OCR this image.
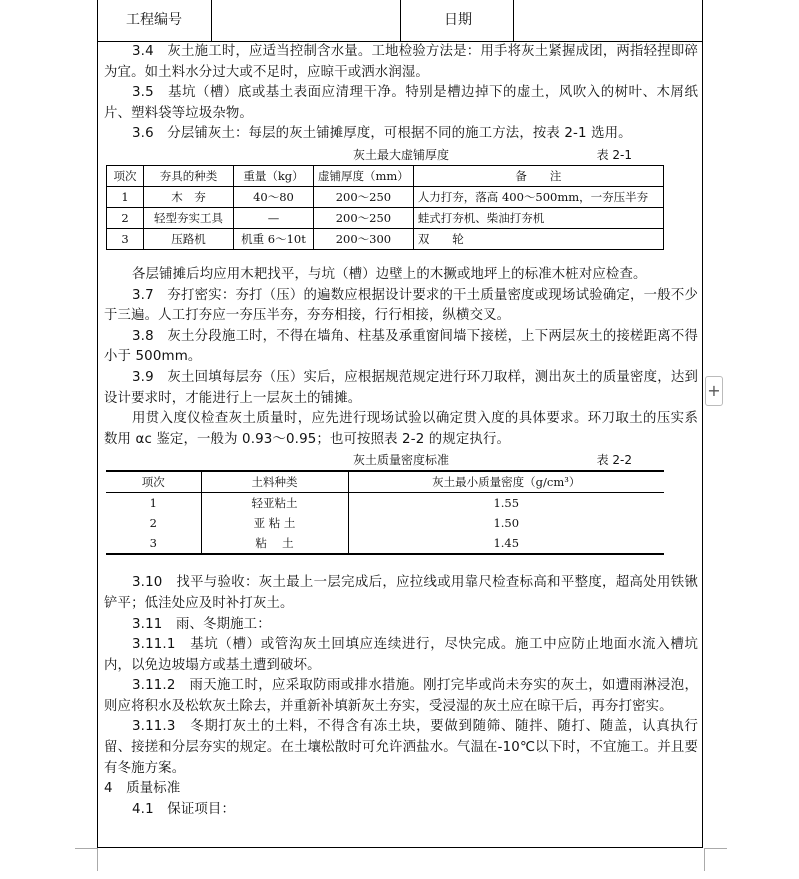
工程编号	日期

3.4　灰土施工时，应适当控制含水量。工地检验方法是：用手将灰土紧握成团，两指轻捏即碎为宜。如土料水分过大或不足时，应晾干或洒水润湿。

3.5　基坑（槽）底或基土表面应清理干净。特别是槽边掉下的虚土，风吹入的树叶、木屑纸片、塑料袋等垃圾杂物。

3.6　分层铺灰土：每层的灰土铺摊厚度，可根据不同的施工方法，按表 2-1 选用。

灰土最大虚铺厚度	表 2-1
项次	夯具的种类	重量（kg）	虚铺厚度（mm）	备　　注
1	木　夯	40～80	200～250	人力打夯，落高 400～500mm，一夯压半夯
2	轻型夯实工具	—	200～250	蛙式打夯机、柴油打夯机
3	压路机	机重 6～10t	200～300	双　　轮

各层铺摊后均应用木耙找平，与坑（槽）边壁上的木撅或地坪上的标准木桩对应检查。

3.7　夯打密实：夯打（压）的遍数应根据设计要求的干土质量密度或现场试验确定，一般不少于三遍。人工打夯应一夯压半夯，夯夯相接，行行相接，纵横交叉。

3.8　灰土分段施工时，不得在墙角、柱基及承重窗间墙下接槎，上下两层灰土的接槎距离不得小于 500mm。

3.9　灰土回填每层夯（压）实后，应根据规范规定进行环刀取样，测出灰土的质量密度，达到设计要求时，才能进行上一层灰土的铺摊。

用贯入度仪检查灰土质量时，应先进行现场试验以确定贯入度的具体要求。环刀取土的压实系数用 αc 鉴定，一般为 0.93～0.95；也可按照表 2-2 的规定执行。

灰土质量密度标准	表 2-2
项次	土料种类	灰土最小质量密度（g/cm³）
1	轻亚粘土	1.55
2	亚 粘 土	1.50
3	粘　 土	1.45

3.10　找平与验收：灰土最上一层完成后，应拉线或用靠尺检查标高和平整度，超高处用铁锹铲平；低洼处应及时补打灰土。

3.11　雨、冬期施工：

3.11.1　基坑（槽）或管沟灰土回填应连续进行，尽快完成。施工中应防止地面水流入槽坑内，以免边坡塌方或基土遭到破坏。

3.11.2　雨天施工时，应采取防雨或排水措施。刚打完毕或尚未夯实的灰土，如遭雨淋浸泡，则应将积水及松软灰土除去，并重新补填新灰土夯实，受浸湿的灰土应在晾干后，再夯打密实。

3.11.3　冬期打灰土的土料，不得含有冻土块，要做到随筛、随拌、随打、随盖，认真执行留、接搓和分层夯实的规定。在土壤松散时可允许洒盐水。气温在-10℃以下时，不宜施工。并且要有冬施方案。

4　质量标准

4.1　保证项目：

+
